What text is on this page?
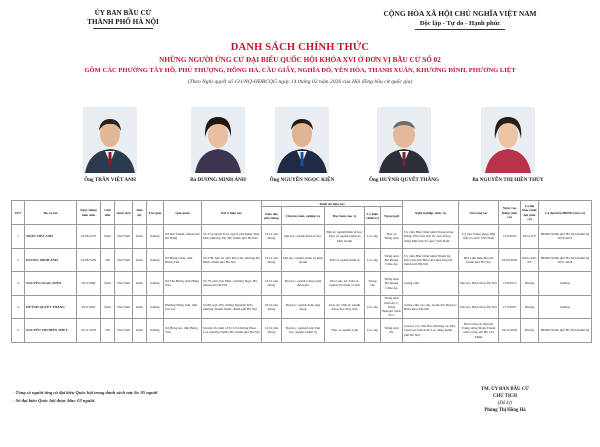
ỦY BAN BẦU CỬ
THÀNH PHỐ HÀ NỘI
CỘNG HÒA XÃ HỘI CHỦ NGHĨA VIỆT NAM
Độc lập - Tự do - Hạnh phúc
DANH SÁCH CHÍNH THỨC
NHỮNG NGƯỜI ỨNG CỬ ĐẠI BIỂU QUỐC HỘI KHÓA XVI Ở ĐƠN VỊ BẦU CỬ SỐ 02
GỒM CÁC PHƯỜNG TÂY HỒ, PHÚ THƯỢNG, HỒNG HÀ, CẦU GIẤY, NGHĨA ĐÔ, YÊN HÒA, THANH XUÂN, KHƯƠNG ĐÌNH, PHƯƠNG LIỆT
(Theo Nghị quyết số 131/NQ-HĐBCQG ngày 14 tháng 02 năm 2026 của Hội đồng bầu cử quốc gia)
Ông TRẦN VIỆT ANH	Bà DƯƠNG MINH ÁNH	Ông NGUYỄN NGỌC KIỆN	Ông HUỲNH QUYẾT THẮNG	Bà NGUYỄN THỊ HIỀN THỦY
STT	Họ và tên	Ngày tháng năm sinh	Giới tính	Quốc tịch	Dân tộc	Tôn giáo	Quê quán	Nơi ở hiện nay	Trình độ hiện nay					Nghề nghiệp, chức vụ	Nơi công tác	Ngày vào Đảng (nếu có)	Là đại biểu Quốc hội (nếu có)	Là đại biểu HĐND (nếu có)
									Giáo dục phổ thông	Chuyên môn, nghiệp vụ	Học hàm, học vị	Lý luận chính trị	Ngoại ngữ					
1	TRẦN VIỆT ANH	22/08/1975	Nam	Việt Nam	Kinh	Không	Xã Núi Thành, thành phố Đà Nẵng	Số 37A ngách 9/12, ngõ 9 phố Đặng Thai Mai, phường Tây Hồ, thành phố Hà Nội	12/12 phổ thông	Đại học, ngành Kinh tế học	Tiến sĩ, ngành Kinh tế học; Thạc sĩ, ngành Quản trị kinh doanh	Cao cấp	Thạc sĩ, Tiếng Anh	Ủy viên Ban Chấp hành Trung ương Đảng; Phó Chủ tịch Ủy ban Trung ương Mặt trận Tổ quốc Việt Nam	Ủy ban Trung ương Mặt trận Tổ quốc Việt Nam	12/9/2005	Khóa XV	HĐND thành phố Hà Nội nhiệm kỳ 2016-2021
2	DƯƠNG MINH ÁNH	01/08/1979	Nữ	Việt Nam	Kinh	Không	Xã Hồng Châu, tỉnh Hưng Yên	Số 27B, ngõ 10, phố Đội Cấn, phường Ba Đình, thành phố Hà Nội	12/12 phổ thông	Đại học, ngành Quản trị kinh doanh	Tiến sĩ, ngành Kinh tế	Cao cấp	Tiếng Anh B2 khung Châu Âu	Ủy viên Ban Chấp hành Thành ủy; Phó Chủ tịch Hội Liên hiệp Phụ nữ thành phố Hà Nội	Hội Liên hiệp Phụ nữ thành phố Hà Nội	03/02/2005	Khóa XIV, XV	HĐND thành phố Hà Nội nhiệm kỳ 2021-2026
3	NGUYỄN NGỌC KIỆN	30/3/1980	Nam	Việt Nam	Kinh	Không	Xã Tân Hưng, tỉnh Hưng Yên	Số 78, phố Vạn Phúc, phường Ngọc Hà, thành phố Hà Nội	12/12 phổ thông	Đại học, ngành Công nghệ thông tin	Phó Giáo sư; Tiến sĩ, ngành Kỹ thuật cơ khí	Trung cấp	Tiếng Anh B2 khung Châu Âu	Giảng viên	Đại học Bách khoa Hà Nội	15/8/2012	Không	Không
4	HUỲNH QUYẾT THẮNG	29/5/1967	Nam	Việt Nam	Kinh	Không	Phường Đông Sơn, tỉnh Gia Lai	Số 89, ngõ 295, đường Nguyễn Trãi, phường Thanh Xuân, thành phố Hà Nội	10/10 phổ thông	Đại học, ngành Toán ứng dụng	Giáo sư; Tiến sĩ, ngành Khoa học máy tính	Cao cấp	Tiếng Anh trình độ C; Tiếng Bungari trình độ C	Giảng viên cao cấp, Giám đốc Đại học Bách khoa Hà Nội	Đại học Bách khoa Hà Nội	27/3/2007	Không	Không
5	NGUYỄN THỊ HIỀN THỦY	25/11/1976	Nữ	Việt Nam	Kinh	Không	Xã Hồng An, tỉnh Hưng Yên	Số nhà 36, hẻm 135/15/32 đường Phan Lai, phường Nghĩa Đô, thành phố Hà Nội	12/12 phổ thông	Đại học, ngành Luật; Đại học, ngành Chính trị	Thạc sĩ, ngành Luật	Cao cấp	Tiếng Anh B1	Cán bộ, Ủy viên Ban Thường vụ, Phó Chủ tịch Liên đoàn Lao động thành phố Hà Nội	Ban Công tác Phụ nữ Trung ương Đoàn Thanh niên Cộng sản Hồ Chí Minh	19/12/2002	Không	HĐND thành phố Hà Nội nhiệm kỳ
- Tổng số người ứng cử đại biểu Quốc hội trong danh sách này là: 05 người
- Số đại biểu Quốc hội được bầu: 03 người.
TM. ỦY BAN BẦU CỬ
CHỦ TỊCH
(Đã ký)
Phùng Thị Hồng Hà
